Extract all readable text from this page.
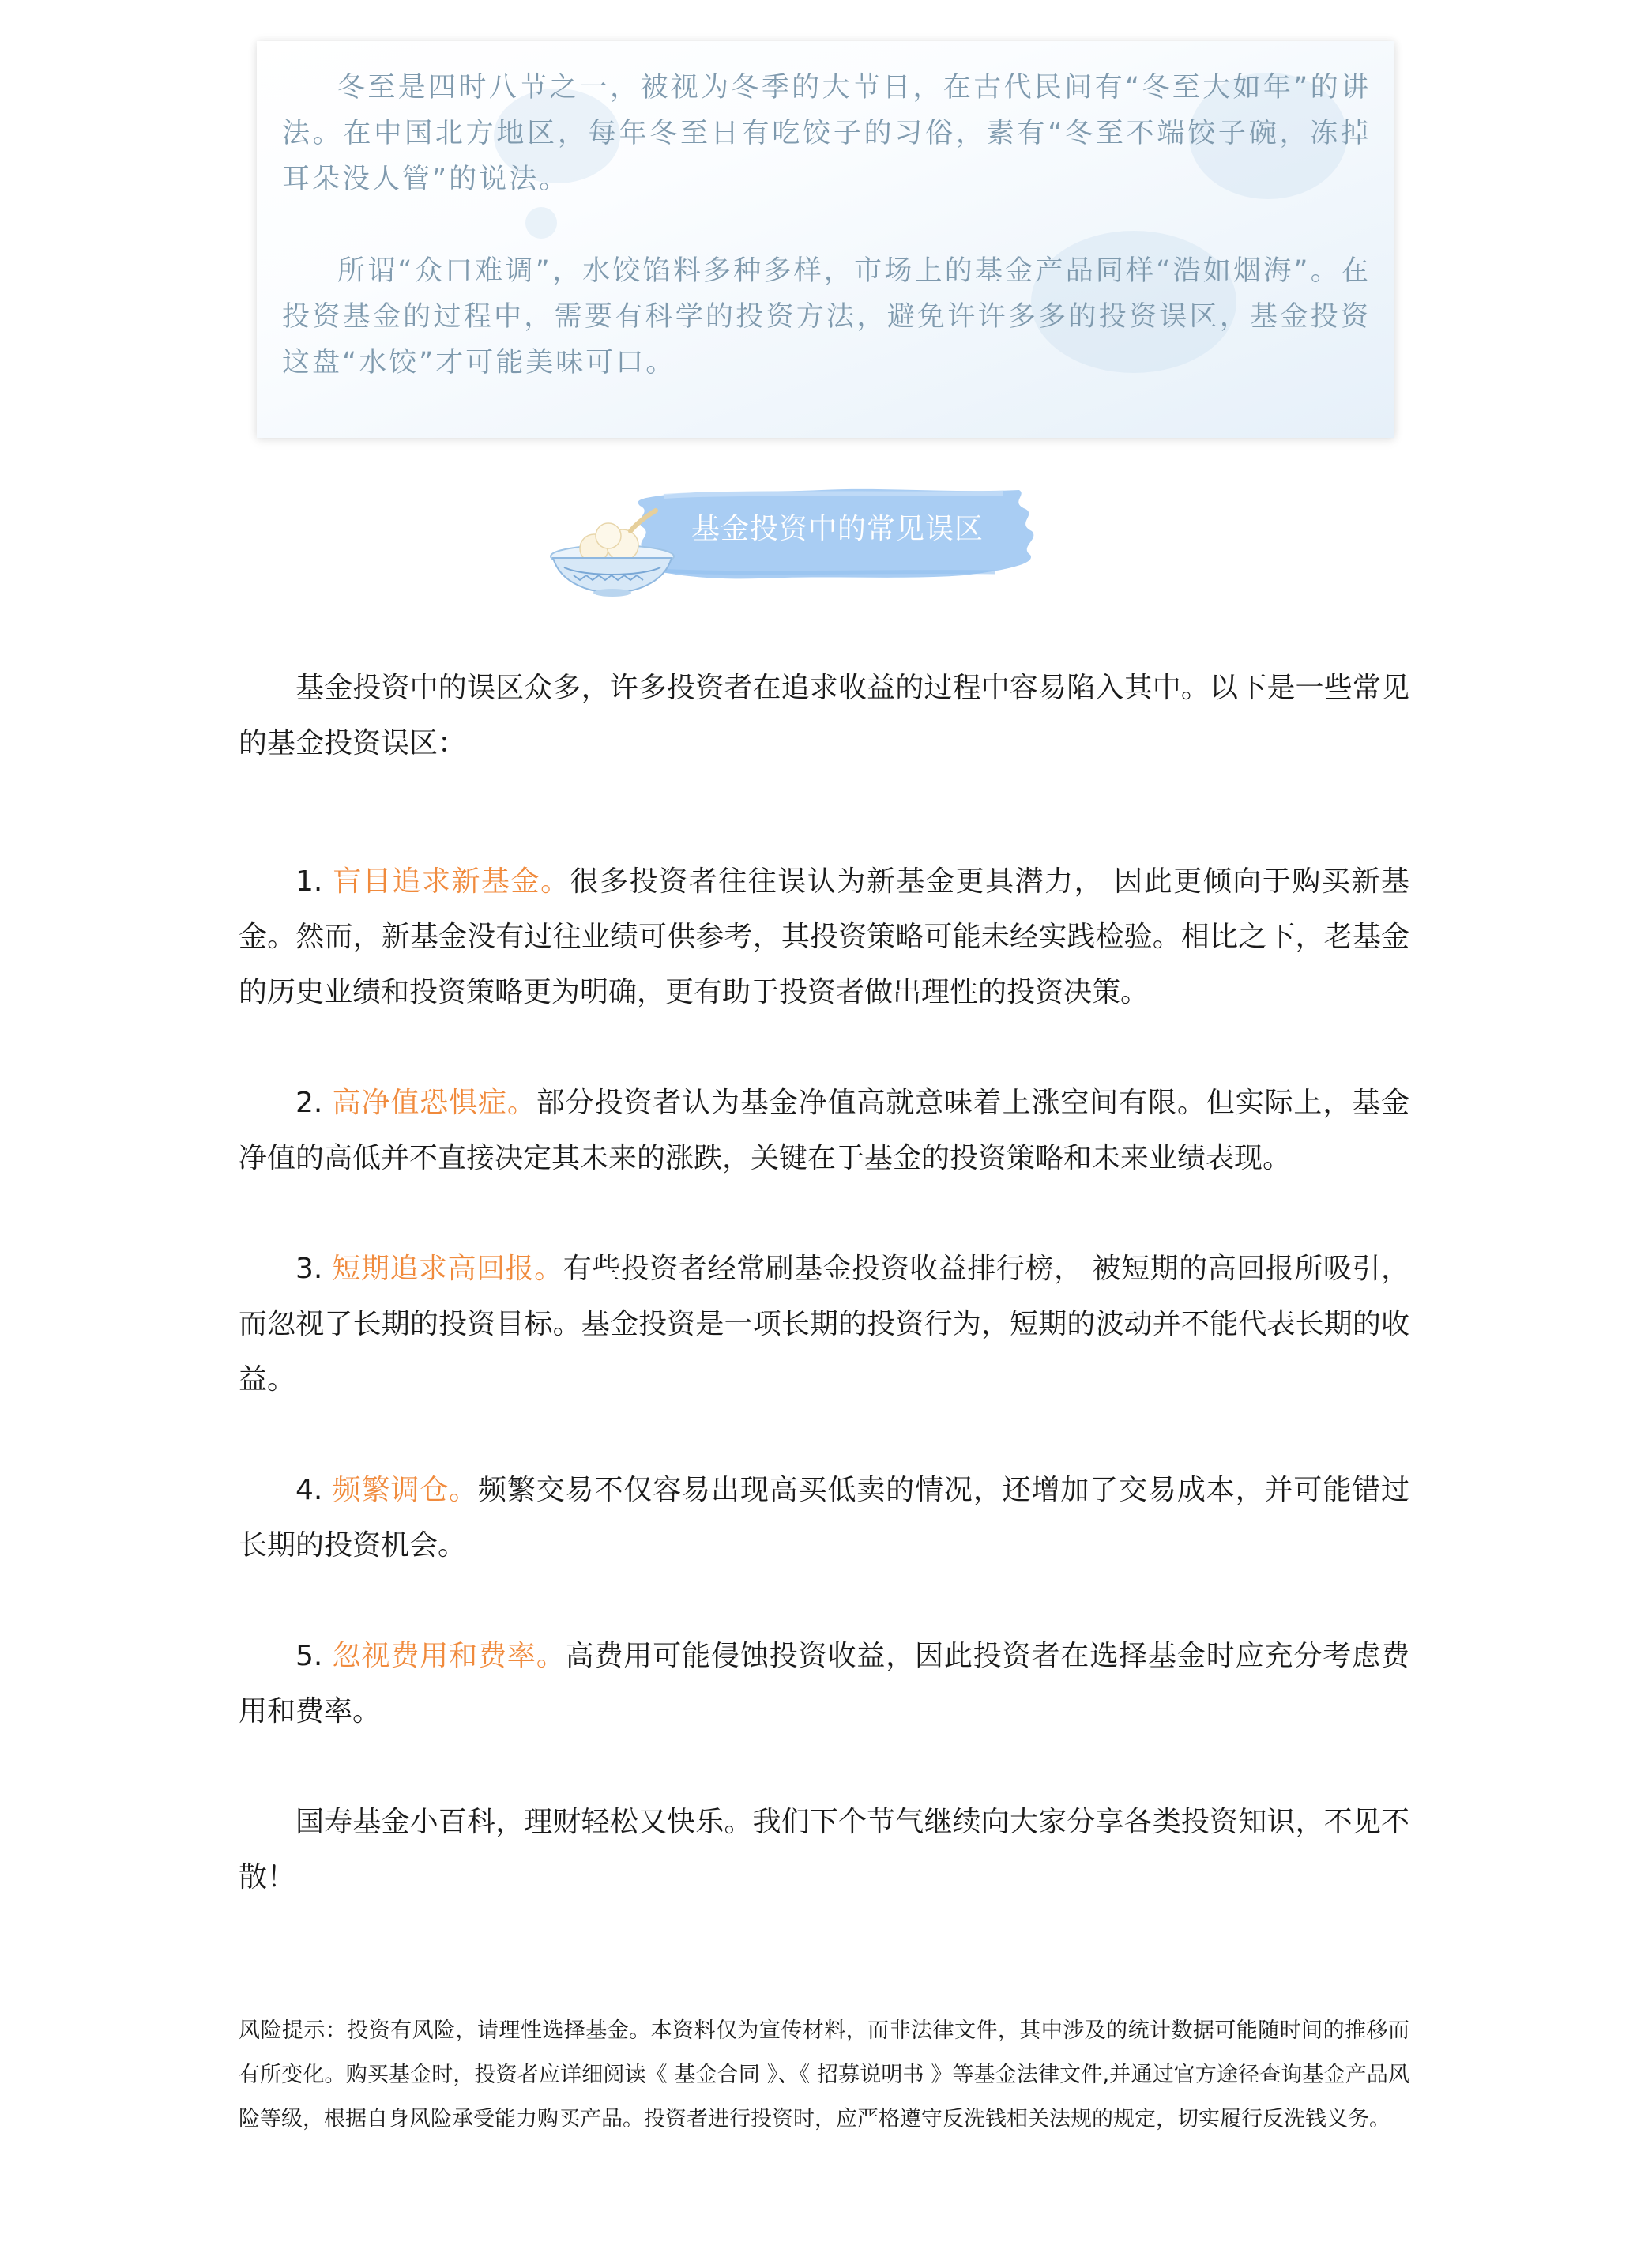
冬至是四时八节之一，被视为冬季的大节日，在古代民间有“冬至大如年”的讲法。在中国北方地区，每年冬至日有吃饺子的习俗，素有“冬至不端饺子碗，冻掉耳朵没人管”的说法。

所谓“众口难调”，水饺馅料多种多样，市场上的基金产品同样“浩如烟海”。在投资基金的过程中，需要有科学的投资方法，避免许许多多的投资误区，基金投资这盘“水饺”才可能美味可口。

基金投资中的常见误区

基金投资中的误区众多，许多投资者在追求收益的过程中容易陷入其中。以下是一些常见的基金投资误区：

1. 盲目追求新基金。很多投资者往往误认为新基金更具潜力， 因此更倾向于购买新基金。然而，新基金没有过往业绩可供参考，其投资策略可能未经实践检验。相比之下，老基金的历史业绩和投资策略更为明确，更有助于投资者做出理性的投资决策。

2. 高净值恐惧症。部分投资者认为基金净值高就意味着上涨空间有限。但实际上，基金净值的高低并不直接决定其未来的涨跌，关键在于基金的投资策略和未来业绩表现。

3. 短期追求高回报。有些投资者经常刷基金投资收益排行榜， 被短期的高回报所吸引，而忽视了长期的投资目标。基金投资是一项长期的投资行为，短期的波动并不能代表长期的收益。

4. 频繁调仓。频繁交易不仅容易出现高买低卖的情况，还增加了交易成本，并可能错过长期的投资机会。

5. 忽视费用和费率。高费用可能侵蚀投资收益，因此投资者在选择基金时应充分考虑费用和费率。

国寿基金小百科，理财轻松又快乐。我们下个节气继续向大家分享各类投资知识，不见不散！

风险提示：投资有风险，请理性选择基金。本资料仅为宣传材料，而非法律文件，其中涉及的统计数据可能随时间的推移而有所变化。购买基金时，投资者应详细阅读《 基金合同 》、《 招募说明书 》等基金法律文件,并通过官方途径查询基金产品风险等级，根据自身风险承受能力购买产品。投资者进行投资时，应严格遵守反洗钱相关法规的规定，切实履行反洗钱义务。
